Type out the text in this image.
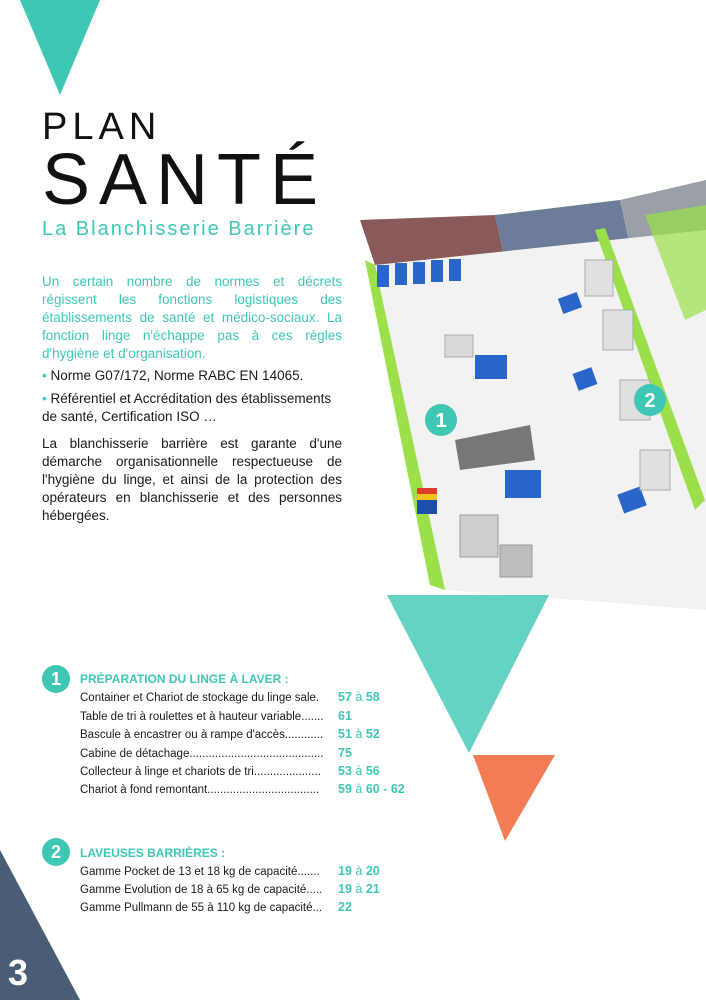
PLAN
SANTÉ
La Blanchisserie Barrière
Un certain nombre de normes et décrets régissent les fonctions logistiques des établissements de santé et médico-sociaux. La fonction linge n'échappe pas à ces règles d'hygiène et d'organisation.
• Norme G07/172, Norme RABC EN 14065.
• Référentiel et Accréditation des établissements de santé, Certification ISO …
La blanchisserie barrière est garante d'une démarche organisationnelle respectueuse de l'hygiène du linge, et ainsi de la protection des opérateurs en blanchisserie et des personnes hébergées.
1
2
1	PRÉPARATION DU LINGE À LAVER :
Container et Chariot de stockage du linge sale.	57 à 58
Table de tri à roulettes et à hauteur variable.......	61
Bascule à encastrer ou à rampe d'accès............	51 à 52
Cabine de détachage..........................................	75
Collecteur à linge et chariots de tri.....................	53 à 56
Chariot à fond remontant...................................	59 à 60 - 62
2	LAVEUSES BARRIÈRES :
Gamme Pocket de 13 et 18 kg de capacité.......	19 à 20
Gamme Evolution de 18 à 65 kg de capacité.....	19 à 21
Gamme Pullmann de 55 à 110 kg de capacité...	22
3
